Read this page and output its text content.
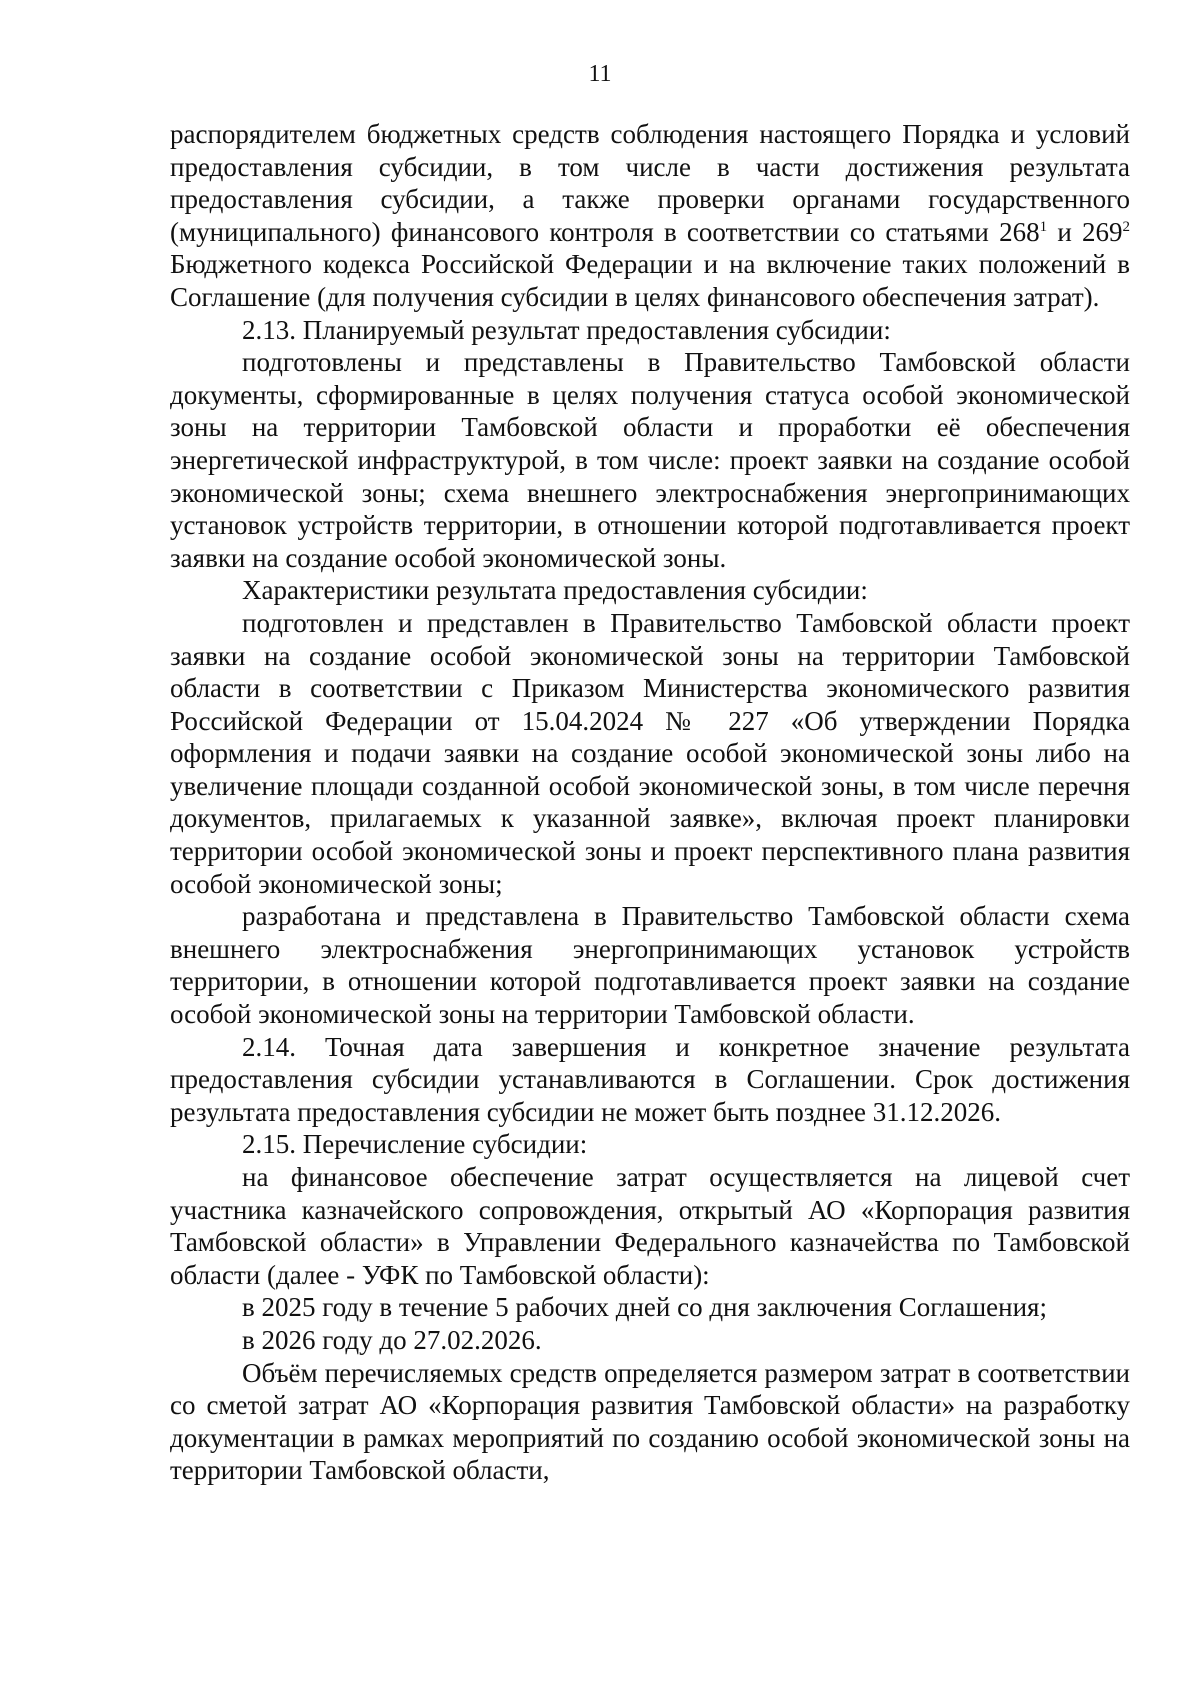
11

распорядителем бюджетных средств соблюдения настоящего Порядка и условий предоставления субсидии, в том числе в части достижения результата предоставления субсидии, а также проверки органами государственного (муниципального) финансового контроля в соответствии со статьями $268^1$ и $269^2$ Бюджетного кодекса Российской Федерации и на включение таких положений в Соглашение (для получения субсидии в целях финансового обеспечения затрат).

2.13. Планируемый результат предоставления субсидии:

подготовлены и представлены в Правительство Тамбовской области документы, сформированные в целях получения статуса особой экономической зоны на территории Тамбовской области и проработки её обеспечения энергетической инфраструктурой, в том числе: проект заявки на создание особой экономической зоны; схема внешнего электроснабжения энергопринимающих установок устройств территории, в отношении которой подготавливается проект заявки на создание особой экономической зоны.

Характеристики результата предоставления субсидии:

подготовлен и представлен в Правительство Тамбовской области проект заявки на создание особой экономической зоны на территории Тамбовской области в соответствии с Приказом Министерства экономического развития Российской Федерации от 15.04.2024 № 227 «Об утверждении Порядка оформления и подачи заявки на создание особой экономической зоны либо на увеличение площади созданной особой экономической зоны, в том числе перечня документов, прилагаемых к указанной заявке», включая проект планировки территории особой экономической зоны и проект перспективного плана развития особой экономической зоны;

разработана и представлена в Правительство Тамбовской области схема внешнего электроснабжения энергопринимающих установок устройств территории, в отношении которой подготавливается проект заявки на создание особой экономической зоны на территории Тамбовской области.

2.14. Точная дата завершения и конкретное значение результата предоставления субсидии устанавливаются в Соглашении. Срок достижения результата предоставления субсидии не может быть позднее 31.12.2026.

2.15. Перечисление субсидии:

на финансовое обеспечение затрат осуществляется на лицевой счет участника казначейского сопровождения, открытый АО «Корпорация развития Тамбовской области» в Управлении Федерального казначейства по Тамбовской области (далее - УФК по Тамбовской области):

в 2025 году в течение 5 рабочих дней со дня заключения Соглашения;

в 2026 году до 27.02.2026.

Объём перечисляемых средств определяется размером затрат в соответствии со сметой затрат АО «Корпорация развития Тамбовской области» на разработку документации в рамках мероприятий по созданию особой экономической зоны на территории Тамбовской области,
